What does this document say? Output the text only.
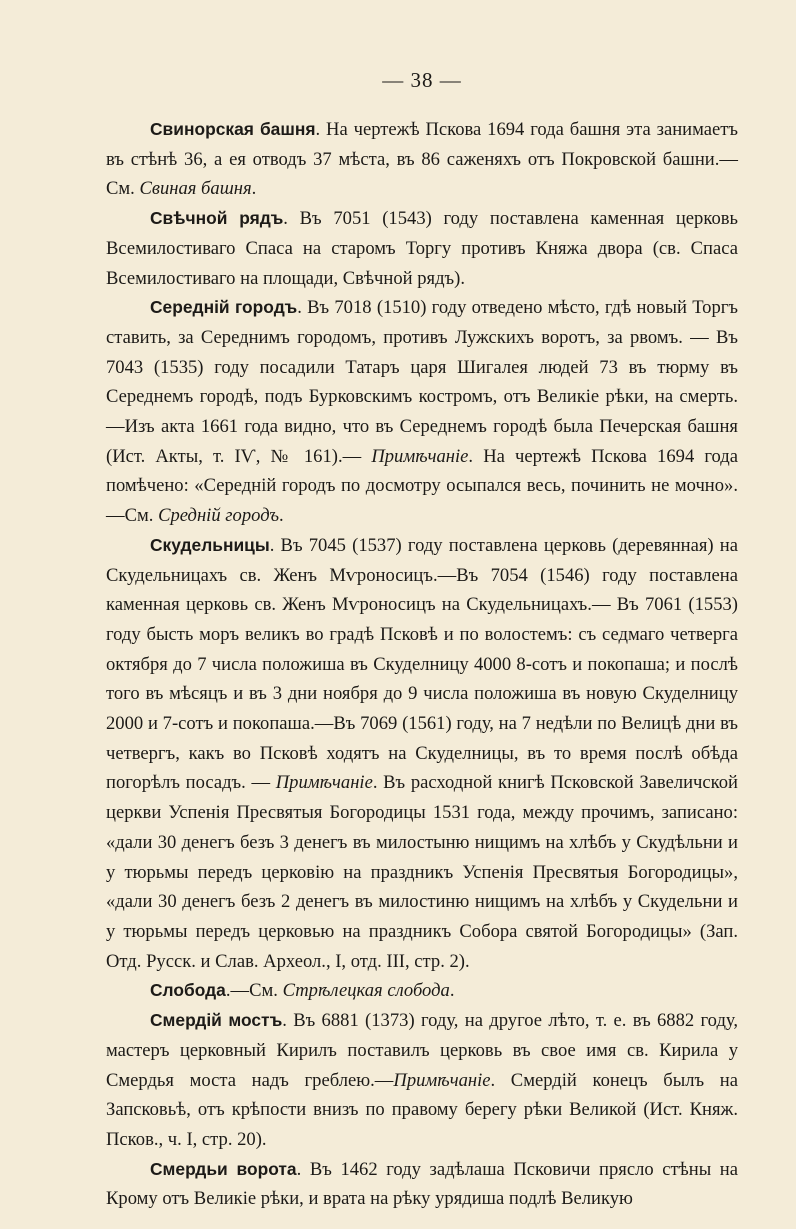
— 38 —

Свинорская башня. На чертежѣ Пскова 1694 года башня эта занимаетъ въ стѣнѣ 36, а ея отводъ 37 мѣста, въ 86 саженяхъ отъ Покровской башни.—См. Свиная башня.

Свѣчной рядъ. Въ 7051 (1543) году поставлена каменная церковь Всемилостиваго Спаса на старомъ Торгу противъ Княжа двора (св. Спаса Всемилостиваго на площади, Свѣчной рядъ).

Середній городъ. Въ 7018 (1510) году отведено мѣсто, гдѣ новый Торгъ ставить, за Середнимъ городомъ, противъ Лужскихъ воротъ, за рвомъ. — Въ 7043 (1535) году посадили Татаръ царя Шигалея людей 73 въ тюрму въ Середнемъ городѣ, подъ Бурковскимъ костромъ, отъ Великіе рѣки, на смерть.—Изъ акта 1661 года видно, что въ Середнемъ городѣ была Печерская башня (Ист. Акты, т. IѴ, № 161).— Примѣчаніе. На чертежѣ Пскова 1694 года помѣчено: «Середній городъ по досмотру осыпался весь, починить не мочно».—См. Средній городъ.

Скудельницы. Въ 7045 (1537) году поставлена церковь (деревянная) на Скудельницахъ св. Женъ Мѵроносицъ.—Въ 7054 (1546) году поставлена каменная церковь св. Женъ Мѵроносицъ на Скудельницахъ.— Въ 7061 (1553) году бысть моръ великъ во градѣ Псковѣ и по волостемъ: съ седмаго четверга октября до 7 числа положиша въ Скуделницу 4000 8-сотъ и покопаша; и послѣ того въ мѣсяцъ и въ 3 дни ноября до 9 числа положиша въ новую Скуделницу 2000 и 7-сотъ и покопаша.—Въ 7069 (1561) году, на 7 недѣли по Велицѣ дни въ четвергъ, какъ во Псковѣ ходятъ на Скуделницы, въ то время послѣ обѣда погорѣлъ посадъ. — Примѣчаніе. Въ расходной книгѣ Псковской Завеличской церкви Успенія Пресвятыя Богородицы 1531 года, между прочимъ, записано: «дали 30 денегъ безъ 3 денегъ въ милостыню нищимъ на хлѣбъ у Скудѣльни и у тюрьмы передъ церковію на праздникъ Успенія Пресвятыя Богородицы», «дали 30 денегъ безъ 2 денегъ въ милостиню нищимъ на хлѣбъ у Скудельни и у тюрьмы передъ церковью на праздникъ Собора святой Богородицы» (Зап. Отд. Русск. и Слав. Археол., I, отд. III, стр. 2).

Слобода.—См. Стрѣлецкая слобода.

Смердій мостъ. Въ 6881 (1373) году, на другое лѣто, т. е. въ 6882 году, мастеръ церковный Кирилъ поставилъ церковь въ свое имя св. Кирила у Смердья моста надъ греблею.—Примѣчаніе. Смердій конецъ былъ на Запсковьѣ, отъ крѣпости внизъ по правому берегу рѣки Великой (Ист. Княж. Псков., ч. I, стр. 20).

Смердьи ворота. Въ 1462 году задѣлаша Псковичи прясло стѣны на Крому отъ Великіе рѣки, и врата на рѣку урядиша подлѣ Великую
